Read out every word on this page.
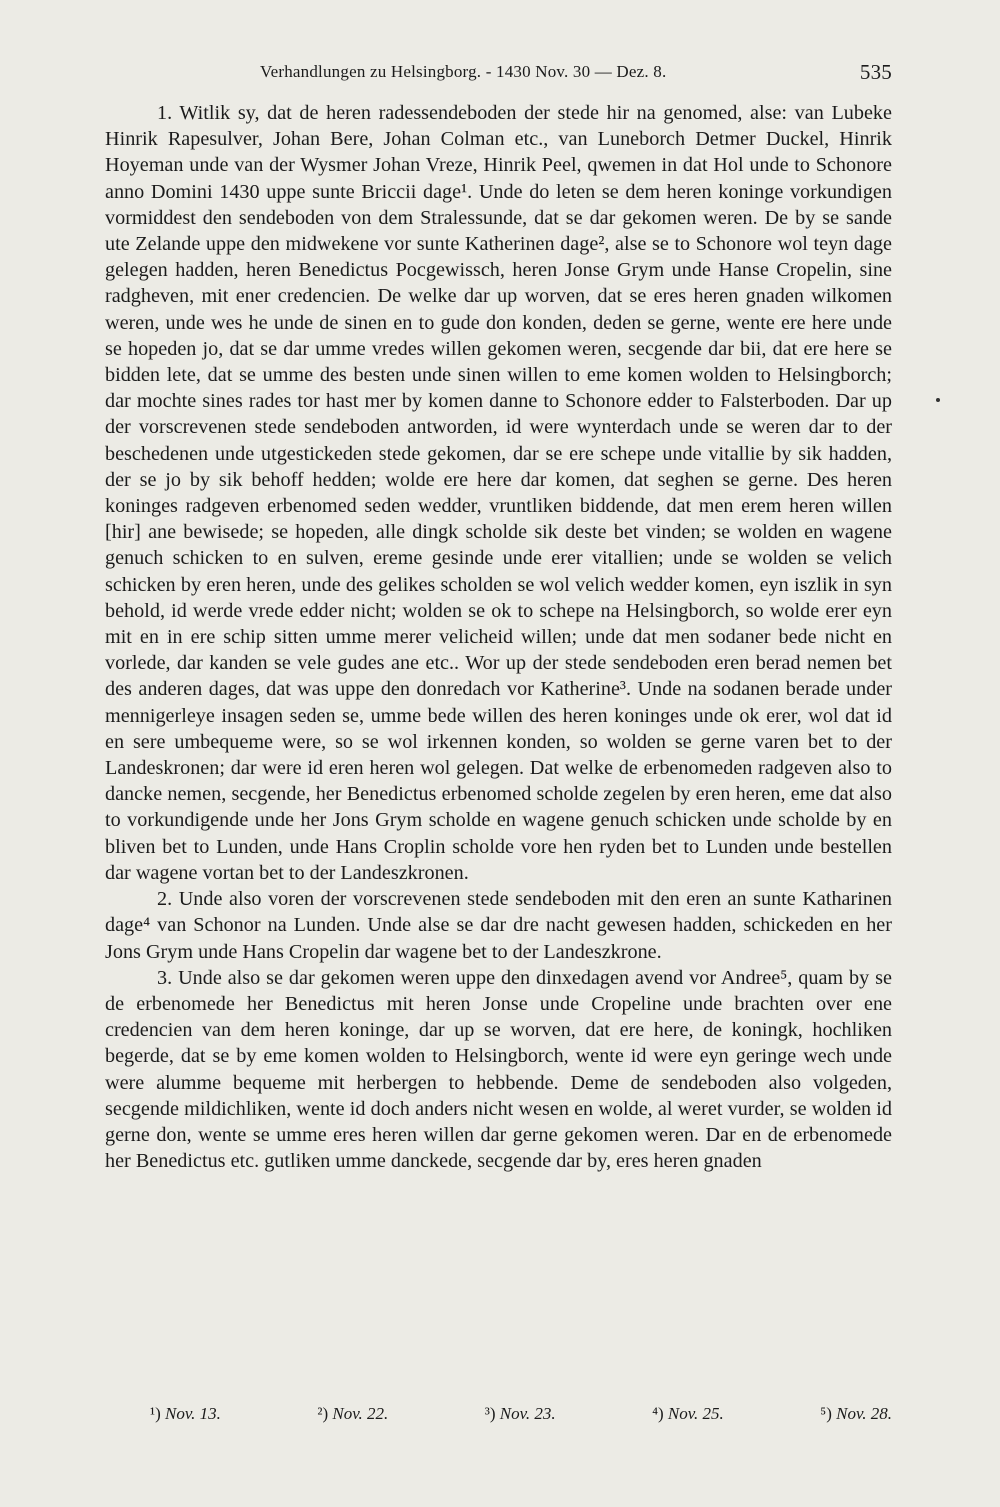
Verhandlungen zu Helsingborg. - 1430 Nov. 30 — Dez. 8.	535

1. Witlik sy, dat de heren radessendeboden der stede hir na genomed, alse: van Lubeke Hinrik Rapesulver, Johan Bere, Johan Colman etc., van Luneborch Detmer Duckel, Hinrik Hoyeman unde van der Wysmer Johan Vreze, Hinrik Peel, qwemen in dat Hol unde to Schonore anno Domini 1430 uppe sunte Briccii dage¹. Unde do leten se dem heren koninge vorkundigen vormiddest den sendeboden von dem Stralessunde, dat se dar gekomen weren. De by se sande ute Zelande uppe den midwekene vor sunte Katherinen dage², alse se to Schonore wol teyn dage gelegen hadden, heren Benedictus Pocgewissch, heren Jonse Grym unde Hanse Cropelin, sine radgheven, mit ener credencien. De welke dar up worven, dat se eres heren gnaden wilkomen weren, unde wes he unde de sinen en to gude don konden, deden se gerne, wente ere here unde se hopeden jo, dat se dar umme vredes willen gekomen weren, secgende dar bii, dat ere here se bidden lete, dat se umme des besten unde sinen willen to eme komen wolden to Helsingborch; dar mochte sines rades tor hast mer by komen danne to Schonore edder to Falsterboden. Dar up der vorscrevenen stede sendeboden antworden, id were wynterdach unde se weren dar to der beschedenen unde utgestickeden stede gekomen, dar se ere schepe unde vitallie by sik hadden, der se jo by sik behoff hedden; wolde ere here dar komen, dat seghen se gerne. Des heren koninges radgeven erbenomed seden wedder, vruntliken biddende, dat men erem heren willen [hir] ane bewisede; se hopeden, alle dingk scholde sik deste bet vinden; se wolden en wagene genuch schicken to en sulven, ereme gesinde unde erer vitallien; unde se wolden se velich schicken by eren heren, unde des gelikes scholden se wol velich wedder komen, eyn iszlik in syn behold, id werde vrede edder nicht; wolden se ok to schepe na Helsingborch, so wolde erer eyn mit en in ere schip sitten umme merer velicheid willen; unde dat men sodaner bede nicht en vorlede, dar kanden se vele gudes ane etc.. Wor up der stede sendeboden eren berad nemen bet des anderen dages, dat was uppe den donredach vor Katherine³. Unde na sodanen berade under mennigerleye insagen seden se, umme bede willen des heren koninges unde ok erer, wol dat id en sere umbequeme were, so se wol irkennen konden, so wolden se gerne varen bet to der Landeskronen; dar were id eren heren wol gelegen. Dat welke de erbenomeden radgeven also to dancke nemen, secgende, her Benedictus erbenomed scholde zegelen by eren heren, eme dat also to vorkundigende unde her Jons Grym scholde en wagene genuch schicken unde scholde by en bliven bet to Lunden, unde Hans Croplin scholde vore hen ryden bet to Lunden unde bestellen dar wagene vortan bet to der Landeszkronen.

2. Unde also voren der vorscrevenen stede sendeboden mit den eren an sunte Katharinen dage⁴ van Schonor na Lunden. Unde alse se dar dre nacht gewesen hadden, schickeden en her Jons Grym unde Hans Cropelin dar wagene bet to der Landeszkrone.

3. Unde also se dar gekomen weren uppe den dinxedagen avend vor Andree⁵, quam by se de erbenomede her Benedictus mit heren Jonse unde Cropeline unde brachten over ene credencien van dem heren koninge, dar up se worven, dat ere here, de koningk, hochliken begerde, dat se by eme komen wolden to Helsingborch, wente id were eyn geringe wech unde were alumme bequeme mit herbergen to hebbende. Deme de sendeboden also volgeden, secgende mildichliken, wente id doch anders nicht wesen en wolde, al weret vurder, se wolden id gerne don, wente se umme eres heren willen dar gerne gekomen weren. Dar en de erbenomede her Benedictus etc. gutliken umme danckede, secgende dar by, eres heren gnaden

¹) Nov. 13.	²) Nov. 22.	³) Nov. 23.	⁴) Nov. 25.	⁵) Nov. 28.
